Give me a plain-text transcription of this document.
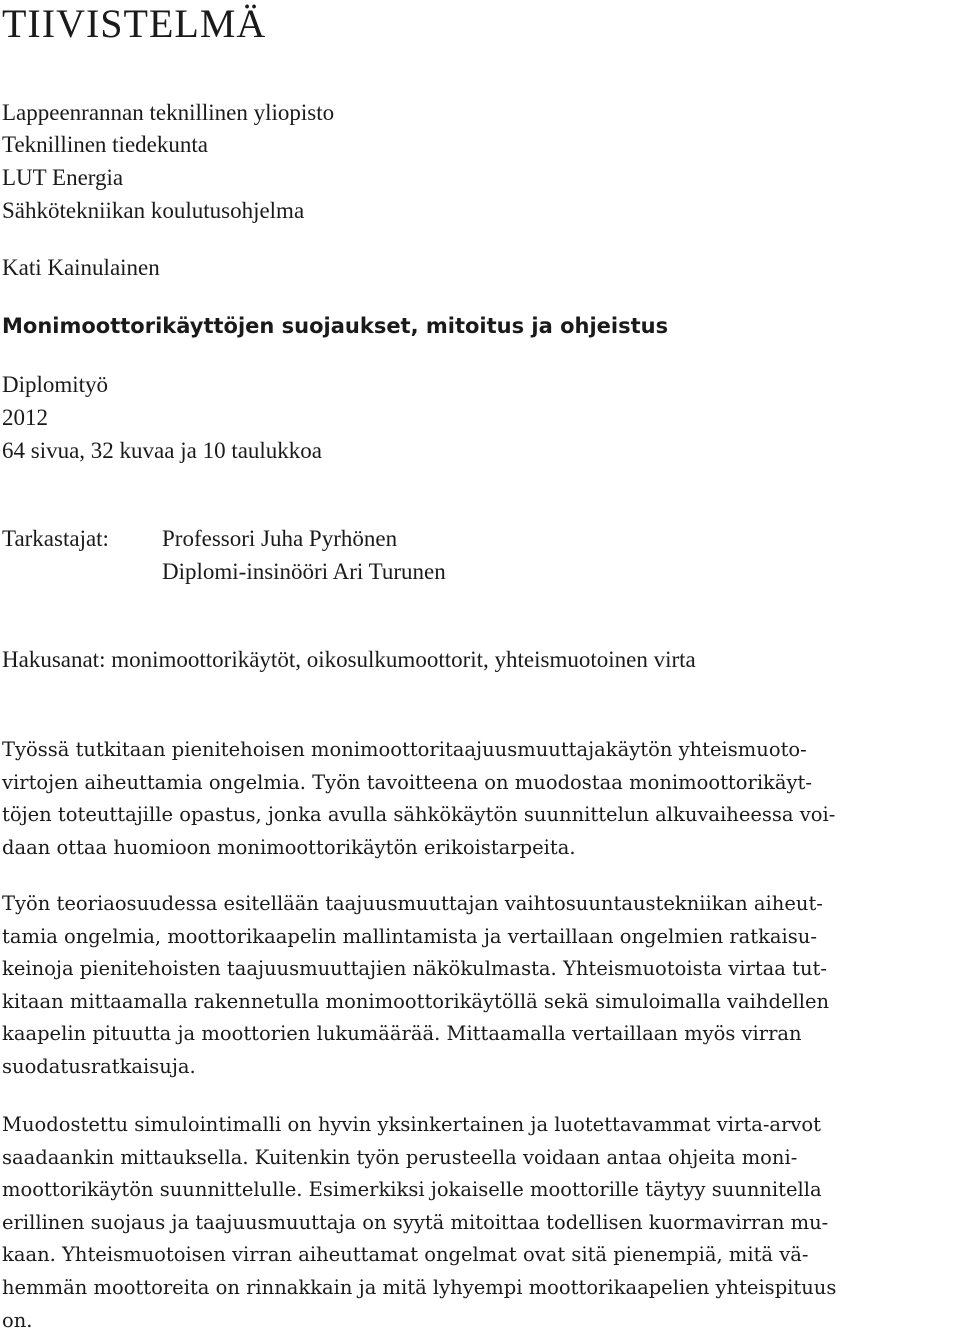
TIIVISTELMÄ
Lappeenrannan teknillinen yliopisto
Teknillinen tiedekunta
LUT Energia
Sähkötekniikan koulutusohjelma
Kati Kainulainen
Monimoottorikäyttöjen suojaukset, mitoitus ja ohjeistus
Diplomityö
2012
64 sivua, 32 kuvaa ja 10 taulukkoa
Tarkastajat: Professori Juha Pyrhönen
Diplomi-insinööri Ari Turunen
Hakusanat: monimoottorikäytöt, oikosulkumoottorit, yhteismuotoinen virta
Työssä tutkitaan pienitehoisen monimoottoritaajuusmuuttajakäytön yhteismuoto-
virtojen aiheuttamia ongelmia. Työn tavoitteena on muodostaa monimoottorikäyt-
töjen toteuttajille opastus, jonka avulla sähkökäytön suunnittelun alkuvaiheessa voi-
daan ottaa huomioon monimoottorikäytön erikoistarpeita.
Työn teoriaosuudessa esitellään taajuusmuuttajan vaihtosuuntaustekniikan aiheut-
tamia ongelmia, moottorikaapelin mallintamista ja vertaillaan ongelmien ratkaisu-
keinoja pienitehoisten taajuusmuuttajien näkökulmasta. Yhteismuotoista virtaa tut-
kitaan mittaamalla rakennetulla monimoottorikäytöllä sekä simuloimalla vaihdellen
kaapelin pituutta ja moottorien lukumäärää. Mittaamalla vertaillaan myös virran
suodatusratkaisuja.
Muodostettu simulointimalli on hyvin yksinkertainen ja luotettavammat virta-arvot
saadaankin mittauksella. Kuitenkin työn perusteella voidaan antaa ohjeita moni-
moottorikäytön suunnittelulle. Esimerkiksi jokaiselle moottorille täytyy suunnitella
erillinen suojaus ja taajuusmuuttaja on syytä mitoittaa todellisen kuormavirran mu-
kaan. Yhteismuotoisen virran aiheuttamat ongelmat ovat sitä pienempiä, mitä vä-
hemmän moottoreita on rinnakkain ja mitä lyhyempi moottorikaapelien yhteispituus
on.
